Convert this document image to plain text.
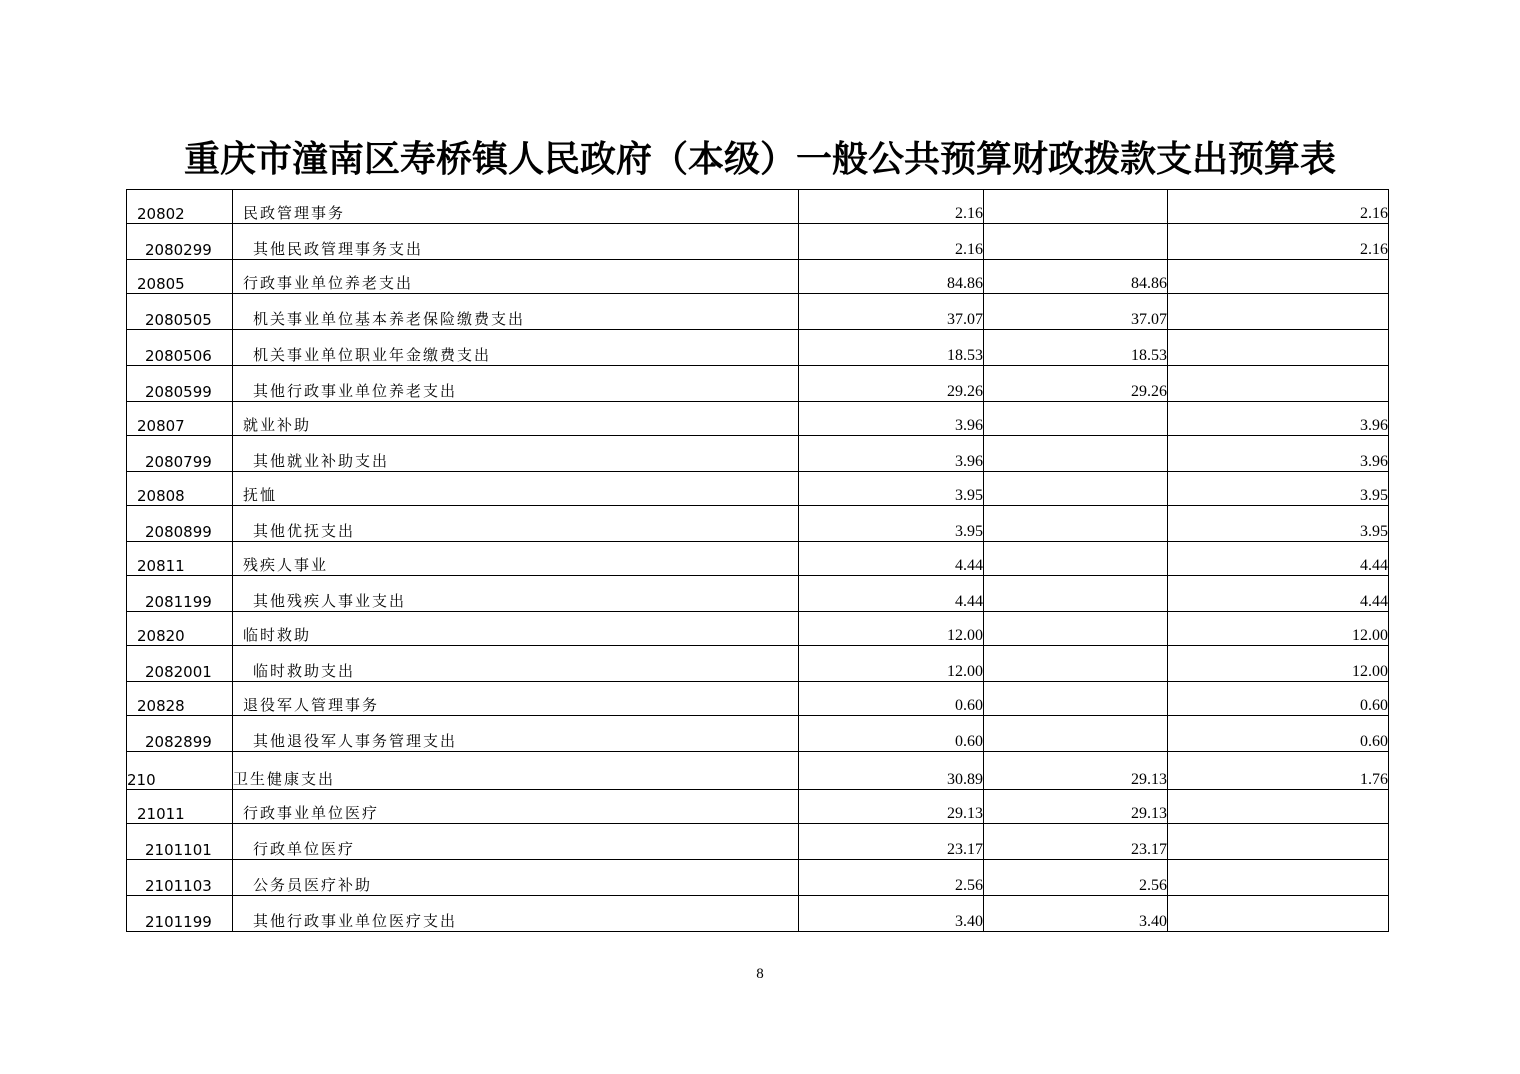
重庆市潼南区寿桥镇人民政府（本级）一般公共预算财政拨款支出预算表
20802	民政管理事务	2.16		2.16
2080299	其他民政管理事务支出	2.16		2.16
20805	行政事业单位养老支出	84.86	84.86	
2080505	机关事业单位基本养老保险缴费支出	37.07	37.07	
2080506	机关事业单位职业年金缴费支出	18.53	18.53	
2080599	其他行政事业单位养老支出	29.26	29.26	
20807	就业补助	3.96		3.96
2080799	其他就业补助支出	3.96		3.96
20808	抚恤	3.95		3.95
2080899	其他优抚支出	3.95		3.95
20811	残疾人事业	4.44		4.44
2081199	其他残疾人事业支出	4.44		4.44
20820	临时救助	12.00		12.00
2082001	临时救助支出	12.00		12.00
20828	退役军人管理事务	0.60		0.60
2082899	其他退役军人事务管理支出	0.60		0.60
210	卫生健康支出	30.89	29.13	1.76
21011	行政事业单位医疗	29.13	29.13	
2101101	行政单位医疗	23.17	23.17	
2101103	公务员医疗补助	2.56	2.56	
2101199	其他行政事业单位医疗支出	3.40	3.40	
8
